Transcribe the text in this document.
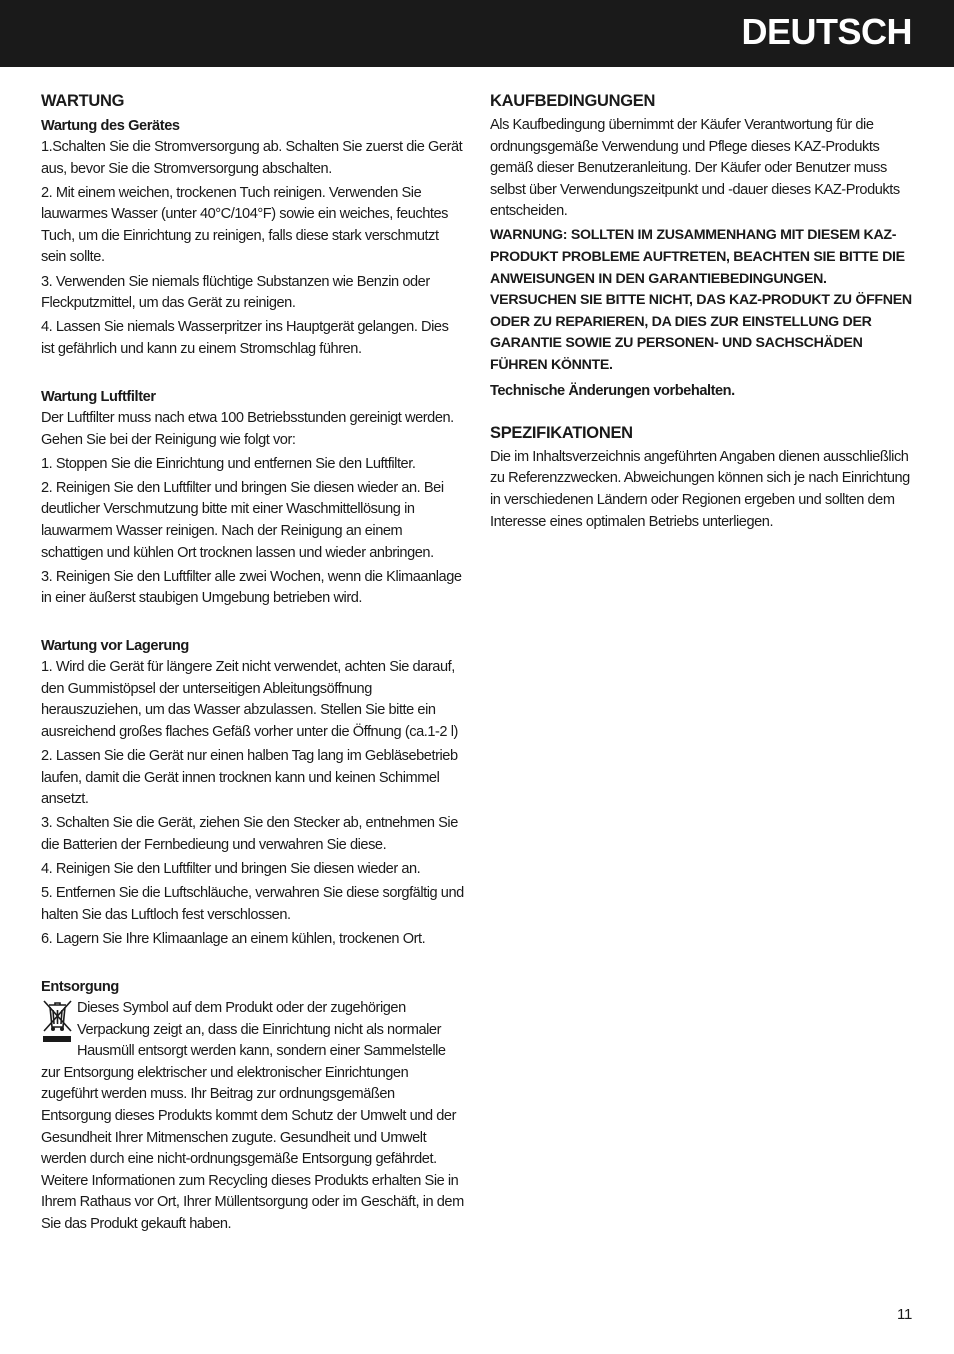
DEUTSCH
WARTUNG
Wartung des Gerätes

1.Schalten Sie die Stromversorgung ab. Schalten Sie zuerst die Gerät aus, bevor Sie die Stromversorgung abschalten.

2. Mit einem weichen, trockenen Tuch reinigen. Verwenden Sie lauwarmes Wasser (unter 40°C/104°F) sowie ein weiches, feuchtes Tuch, um die Einrichtung zu reinigen, falls diese stark verschmutzt sein sollte.

3. Verwenden Sie niemals flüchtige Substanzen wie Benzin oder Fleckputzmittel, um das Gerät zu reinigen.

4. Lassen Sie niemals Wasserpritzer ins Hauptgerät gelangen. Dies ist gefährlich und kann zu einem Stromschlag führen.

Wartung Luftfilter

Der Luftfilter muss nach etwa 100 Betriebsstunden gereinigt werden. Gehen Sie bei der Reinigung wie folgt vor:

1. Stoppen Sie die Einrichtung und entfernen Sie den Luftfilter.

2. Reinigen Sie den Luftfilter und bringen Sie diesen wieder an. Bei deutlicher Verschmutzung bitte mit einer Waschmittellösung in lauwarmem Wasser reinigen. Nach der Reinigung an einem schattigen und kühlen Ort trocknen lassen und wieder anbringen.

3. Reinigen Sie den Luftfilter alle zwei Wochen, wenn die Klimaanlage in einer äußerst staubigen Umgebung betrieben wird.

Wartung vor Lagerung

1. Wird die Gerät für längere Zeit nicht verwendet, achten Sie darauf, den Gummistöpsel der unterseitigen Ableitungsöffnung herauszuziehen, um das Wasser abzulassen. Stellen Sie bitte ein ausreichend großes flaches Gefäß vorher unter die Öffnung (ca.1-2 l)

2. Lassen Sie die Gerät nur einen halben Tag lang im Gebläsebetrieb laufen, damit die Gerät innen trocknen kann und keinen Schimmel ansetzt.

3. Schalten Sie die Gerät, ziehen Sie den Stecker ab, entnehmen Sie die Batterien der Fernbedieung und verwahren Sie diese.

4. Reinigen Sie den Luftfilter und bringen Sie diesen wieder an.

5. Entfernen Sie die Luftschläuche, verwahren Sie diese sorgfältig und halten Sie das Luftloch fest verschlossen.

6. Lagern Sie Ihre Klimaanlage an einem kühlen, trockenen Ort.

Entsorgung

Dieses Symbol auf dem Produkt oder der zugehörigen Verpackung zeigt an, dass die Einrichtung nicht als normaler Hausmüll entsorgt werden kann, sondern einer Sammelstelle zur Entsorgung elektrischer und elektronischer Einrichtungen zugeführt werden muss. Ihr Beitrag zur ordnungsgemäßen Entsorgung dieses Produkts kommt dem Schutz der Umwelt und der Gesundheit Ihrer Mitmenschen zugute. Gesundheit und Umwelt werden durch eine nicht-ordnungsgemäße Entsorgung gefährdet. Weitere Informationen zum Recycling dieses Produkts erhalten Sie in Ihrem Rathaus vor Ort, Ihrer Müllentsorgung oder im Geschäft, in dem Sie das Produkt gekauft haben.

KAUFBEDINGUNGEN

Als Kaufbedingung übernimmt der Käufer Verantwortung für die ordnungsgemäße Verwendung und Pflege dieses KAZ-Produkts gemäß dieser Benutzeranleitung. Der Käufer oder Benutzer muss selbst über Verwendungszeitpunkt und -dauer dieses KAZ-Produkts entscheiden.

WARNUNG: SOLLTEN IM ZUSAMMENHANG MIT DIESEM KAZ-PRODUKT PROBLEME AUFTRETEN, BEACHTEN SIE BITTE DIE ANWEISUNGEN IN DEN GARANTIEBEDINGUNGEN. VERSUCHEN SIE BITTE NICHT, DAS KAZ-PRODUKT ZU ÖFFNEN ODER ZU REPARIEREN, DA DIES ZUR EINSTELLUNG DER GARANTIE SOWIE ZU PERSONEN- UND SACHSCHÄDEN FÜHREN KÖNNTE.

Technische Änderungen vorbehalten.

SPEZIFIKATIONEN

Die im Inhaltsverzeichnis angeführten Angaben dienen ausschließlich zu Referenzzwecken. Abweichungen können sich je nach Einrichtung in verschiedenen Ländern oder Regionen ergeben und sollten dem Interesse eines optimalen Betriebs unterliegen.

11
